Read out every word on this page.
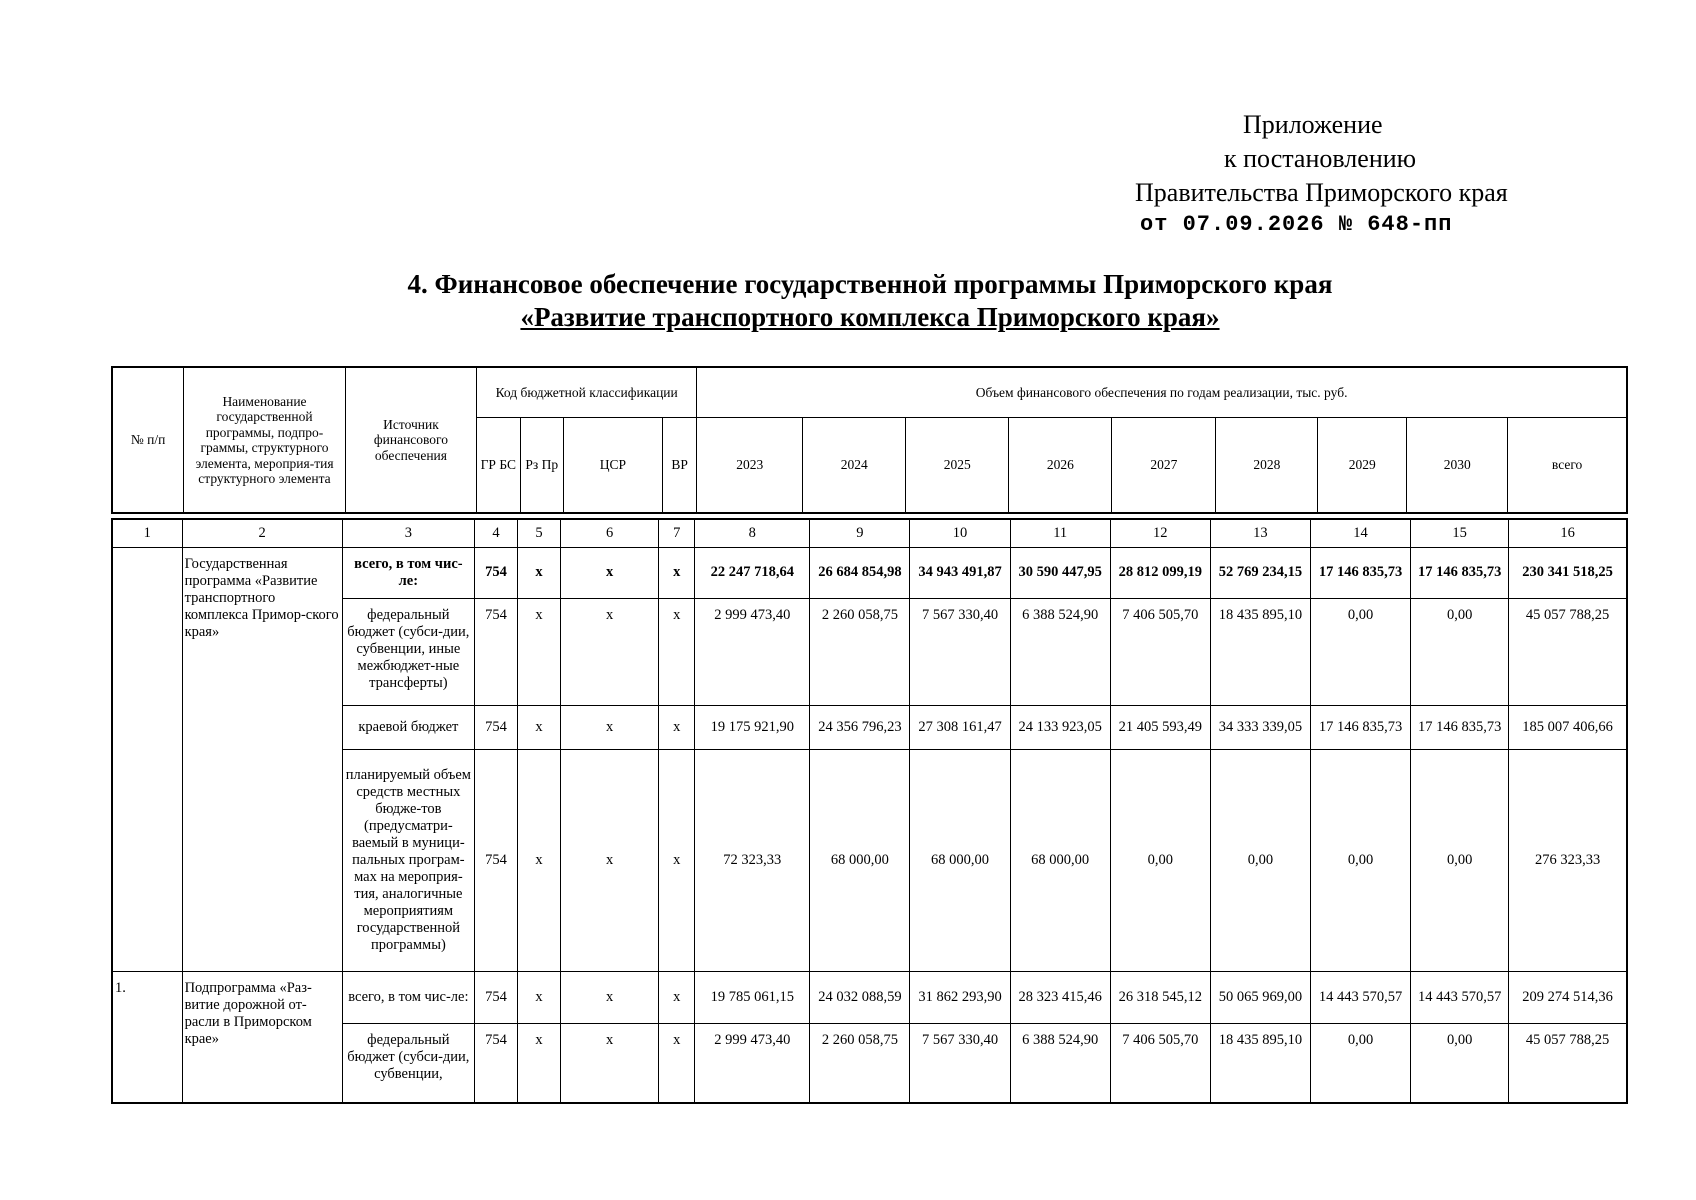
Приложение
к постановлению
Правительства Приморского края
от 07.09.2026 № 648-пп
4. Финансовое обеспечение государственной программы Приморского края
«Развитие транспортного комплекса Приморского края»
№ п/п	Наименование государственной программы, подпро-граммы, структурного элемента, мероприя-тия структурного элемента	Источник финансового обеспечения	Код бюджетной классификации				Объем финансового обеспечения по годам реализации, тыс. руб.								
			ГР БС	Рз Пр	ЦСР	ВР	2023	2024	2025	2026	2027	2028	2029	2030	всего
1	2	3	4	5	6	7	8	9	10	11	12	13	14	15	16
	Государственная программа «Развитие транспортного комплекса Примор-ского края»	всего, в том чис-ле:	754	x	x	x	22 247 718,64	26 684 854,98	34 943 491,87	30 590 447,95	28 812 099,19	52 769 234,15	17 146 835,73	17 146 835,73	230 341 518,25
		федеральный бюджет (субси-дии, субвенции, иные межбюджет-ные трансферты)	754	x	x	x	2 999 473,40	2 260 058,75	7 567 330,40	6 388 524,90	7 406 505,70	18 435 895,10	0,00	0,00	45 057 788,25
		краевой бюджет	754	x	x	x	19 175 921,90	24 356 796,23	27 308 161,47	24 133 923,05	21 405 593,49	34 333 339,05	17 146 835,73	17 146 835,73	185 007 406,66
		планируемый объем средств местных бюдже-тов (предусматри-ваемый в муници-пальных програм-мах на мероприя-тия, аналогичные мероприятиям государственной программы)	754	x	x	x	72 323,33	68 000,00	68 000,00	68 000,00	0,00	0,00	0,00	0,00	276 323,33
1.	Подпрограмма «Раз-витие дорожной от-расли в Приморском крае»	всего, в том чис-ле:	754	x	x	x	19 785 061,15	24 032 088,59	31 862 293,90	28 323 415,46	26 318 545,12	50 065 969,00	14 443 570,57	14 443 570,57	209 274 514,36
		федеральный бюджет (субси-дии, субвенции,	754	x	x	x	2 999 473,40	2 260 058,75	7 567 330,40	6 388 524,90	7 406 505,70	18 435 895,10	0,00	0,00	45 057 788,25
